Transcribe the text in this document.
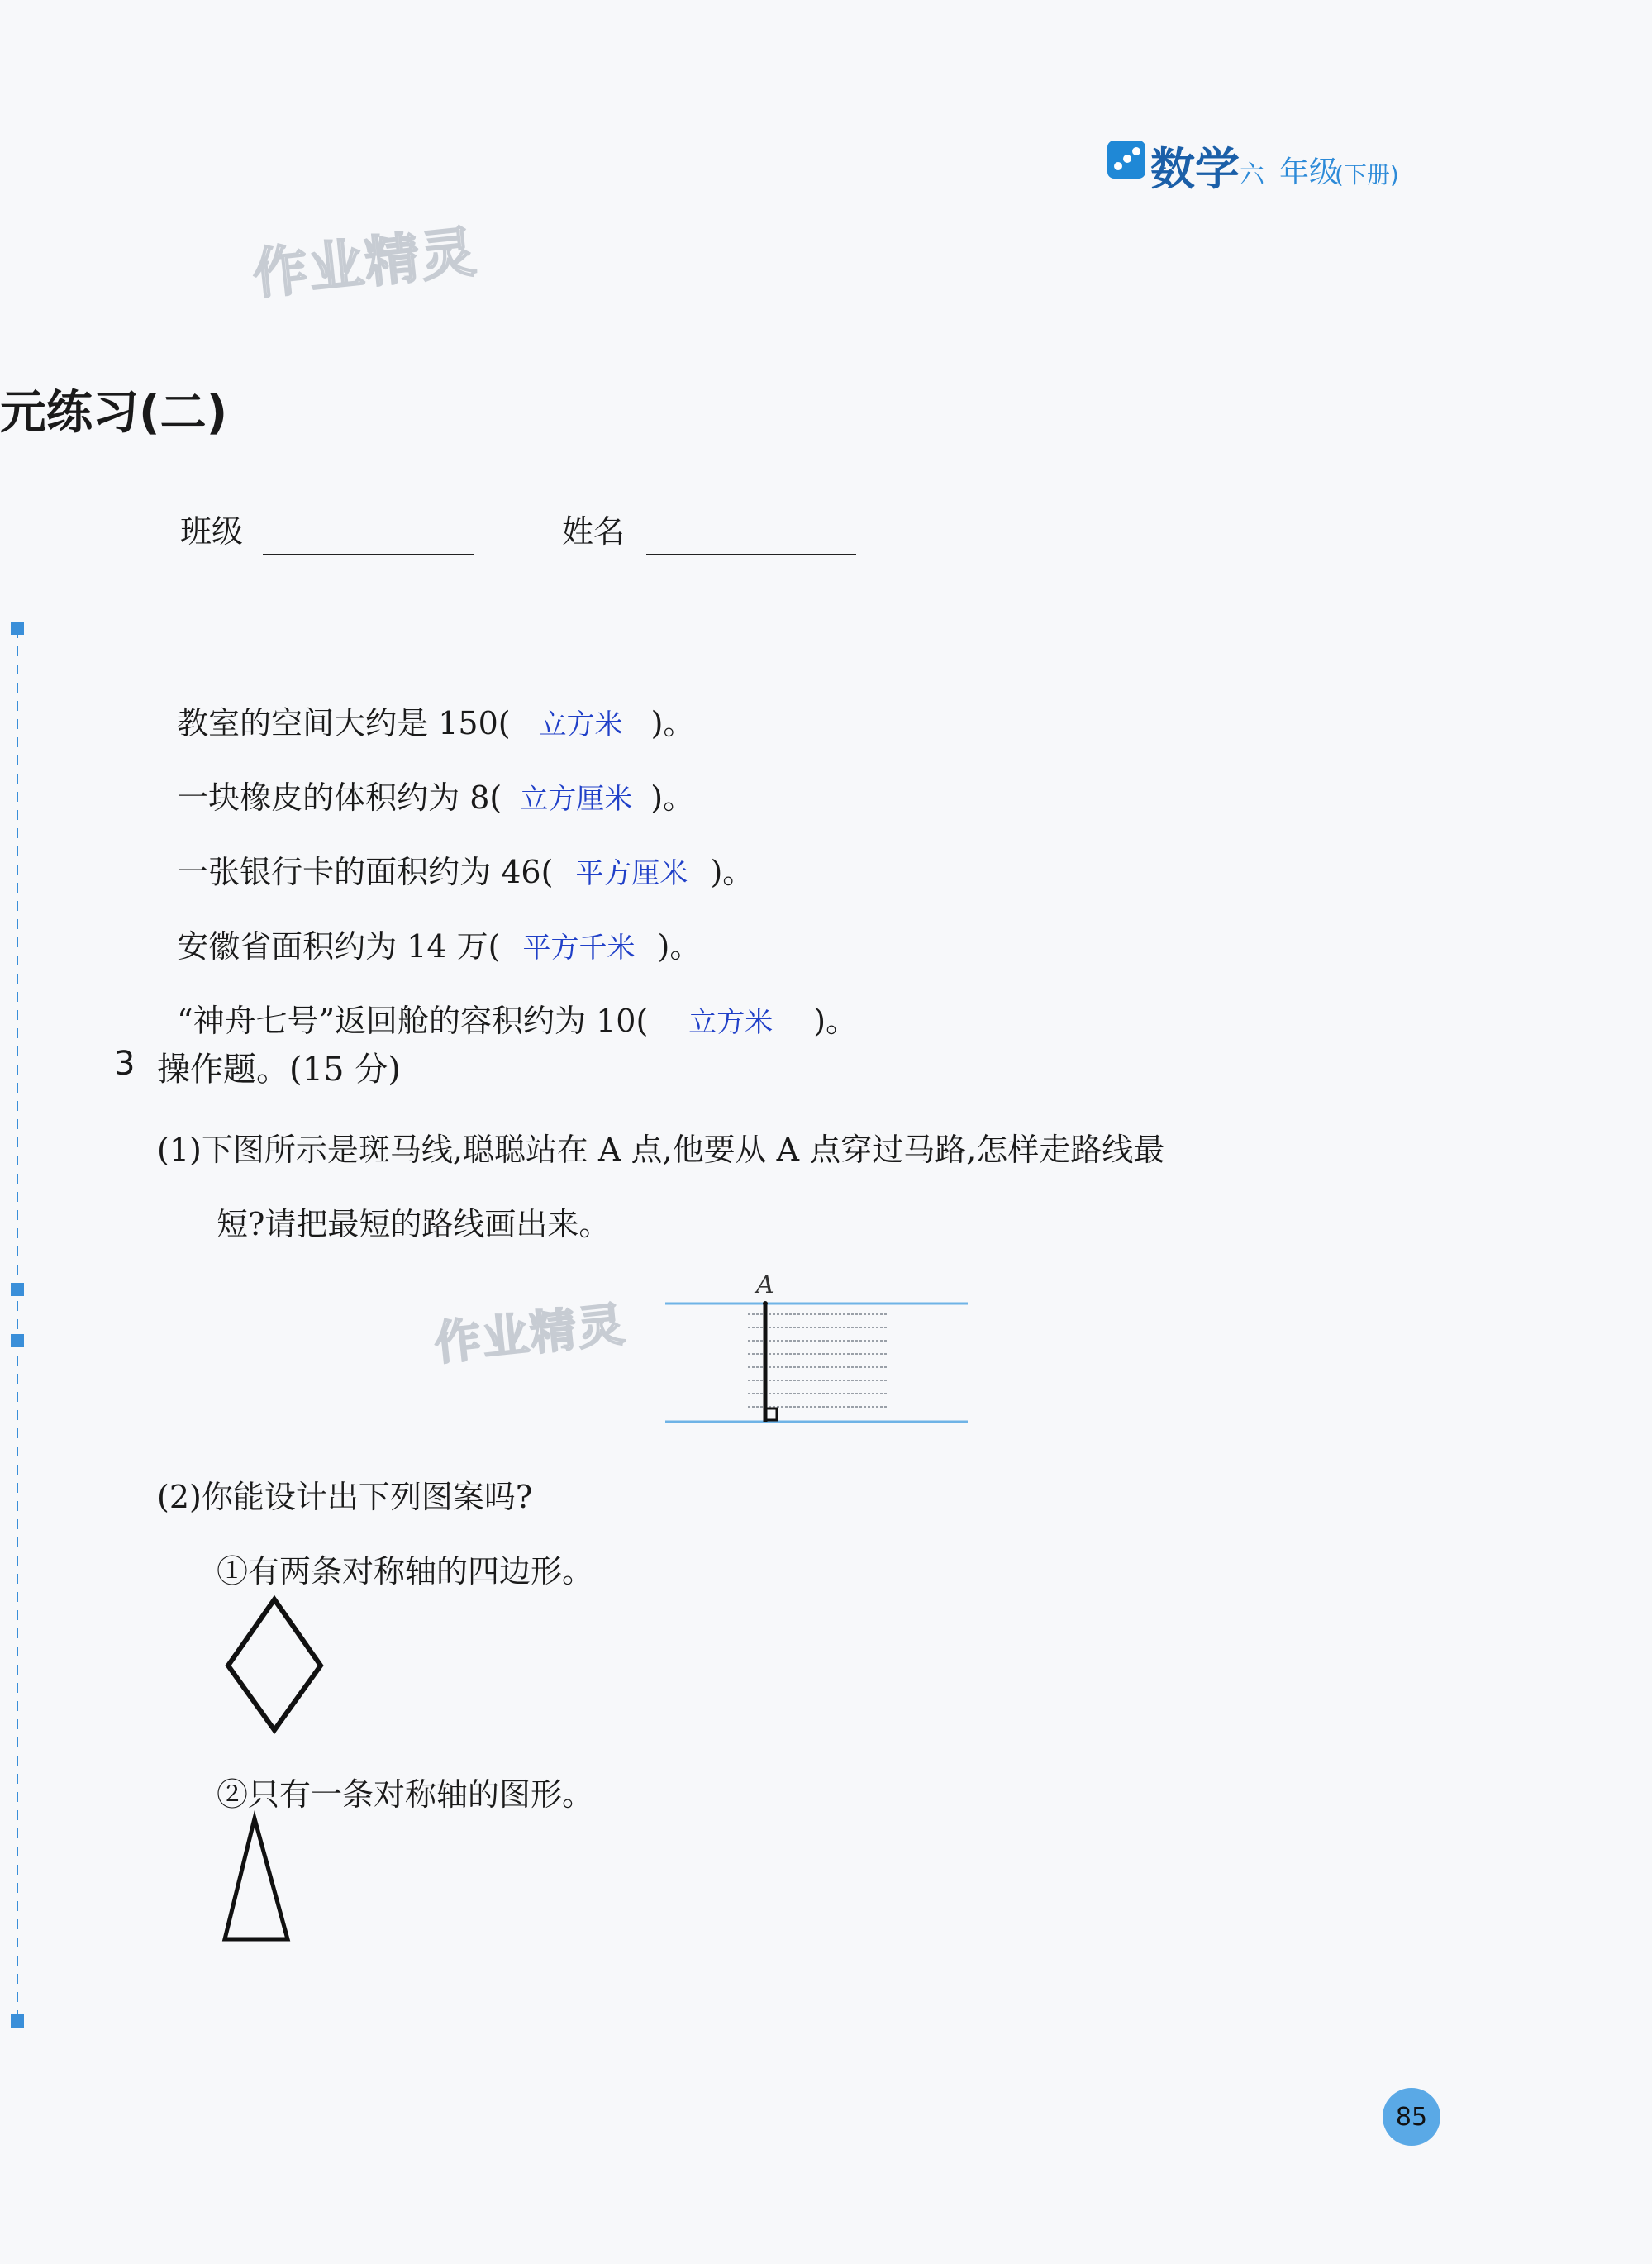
数学 六 年级
(下册)
作业精灵
元练习(二)
班级	姓名

教室的空间大约是 150( 立方米 )。

一块橡皮的体积约为 8( 立方厘米 )。

一张银行卡的面积约为 46( 平方厘米 )。

安徽省面积约为 14 万( 平方千米 )。

“神舟七号”返回舱的容积约为 10( 立方米 )。

3 操作题。(15 分)
(1)下图所示是斑马线,聪聪站在 A 点,他要从 A 点穿过马路,怎样走路线最
短?请把最短的路线画出来。
作业精灵
A
(2)你能设计出下列图案吗?
①有两条对称轴的四边形。
②只有一条对称轴的图形。
85
